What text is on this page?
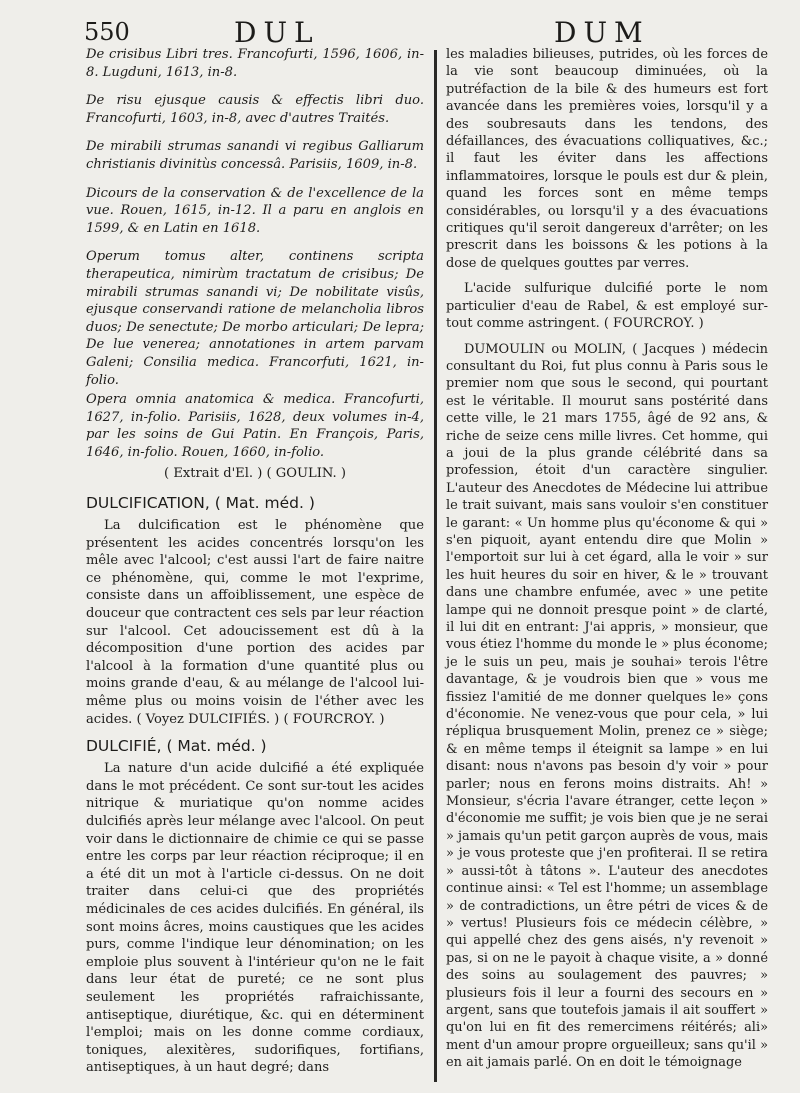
550	DUL	DUM

De crisibus Libri tres. Francofurti, 1596, 1606, in-8. Lugduni, 1613, in-8.

De risu ejusque causis & effectis libri duo. Francofurti, 1603, in-8, avec d'autres Traités.

De mirabili strumas sanandi vi regibus Galliarum christianis divinitùs concessâ. Parisiis, 1609, in-8.

Dicours de la conservation & de l'excellence de la vue. Rouen, 1615, in-12. Il a paru en anglois en 1599, & en Latin en 1618.

Operum tomus alter, continens scripta therapeutica, nimirùm tractatum de crisibus; De mirabili strumas sanandi vi; De nobilitate visûs, ejusque conservandi ratione de melancholia libros duos; De senectute; De morbo articulari; De lepra; De lue venerea; annotationes in artem parvam Galeni; Consilia medica. Francorfuti, 1621, in-folio.

Opera omnia anatomica & medica. Francofurti, 1627, in-folio. Parisiis, 1628, deux volumes in-4, par les soins de Gui Patin. En François, Paris, 1646, in-folio. Rouen, 1660, in-folio.

( Extrait d'El. ) ( GOULIN. )

DULCIFICATION, ( Mat. méd. )

La dulcification est le phénomène que présentent les acides concentrés lorsqu'on les mêle avec l'alcool; c'est aussi l'art de faire naitre ce phénomène, qui, comme le mot l'exprime, consiste dans un affoiblissement, une espèce de douceur que contractent ces sels par leur réaction sur l'alcool. Cet adoucissement est dû à la décomposition d'une portion des acides par l'alcool à la formation d'une quantité plus ou moins grande d'eau, & au mélange de l'alcool lui-même plus ou moins voisin de l'éther avec les acides. ( Voyez DULCIFIÉS. ) ( FOURCROY. )

DULCIFIÉ, ( Mat. méd. )

La nature d'un acide dulcifié a été expliquée dans le mot précédent. Ce sont sur-tout les acides nitrique & muriatique qu'on nomme acides dulcifiés après leur mélange avec l'alcool. On peut voir dans le dictionnaire de chimie ce qui se passe entre les corps par leur réaction réciproque; il en a été dit un mot à l'article ci-dessus. On ne doit traiter dans celui-ci que des propriétés médicinales de ces acides dulcifiés. En général, ils sont moins âcres, moins caustiques que les acides purs, comme l'indique leur dénomination; on les emploie plus souvent à l'intérieur qu'on ne le fait dans leur état de pureté; ce ne sont plus seulement les propriétés rafraichissante, antiseptique, diurétique, &c. qui en déterminent l'emploi; mais on les donne comme cordiaux, toniques, alexitères, sudorifiques, fortifians, antiseptiques, à un haut degré; dans

les maladies bilieuses, putrides, où les forces de la vie sont beaucoup diminuées, où la putréfaction de la bile & des humeurs est fort avancée dans les premières voies, lorsqu'il y a des soubresauts dans les tendons, des défaillances, des évacuations colliquatives, &c.; il faut les éviter dans les affections inflammatoires, lorsque le pouls est dur & plein, quand les forces sont en même temps considérables, ou lorsqu'il y a des évacuations critiques qu'il seroit dangereux d'arrêter; on les prescrit dans les boissons & les potions à la dose de quelques gouttes par verres.

L'acide sulfurique dulcifié porte le nom particulier d'eau de Rabel, & est employé sur-tout comme astringent. ( FOURCROY. )

DUMOULIN ou MOLIN, ( Jacques ) médecin consultant du Roi, fut plus connu à Paris sous le premier nom que sous le second, qui pourtant est le véritable. Il mourut sans postérité dans cette ville, le 21 mars 1755, âgé de 92 ans, & riche de seize cens mille livres. Cet homme, qui a joui de la plus grande célébrité dans sa profession, étoit d'un caractère singulier. L'auteur des Anecdotes de Médecine lui attribue le trait suivant, mais sans vouloir s'en constituer le garant: « Un homme plus qu'économe & qui » s'en piquoit, ayant entendu dire que Molin » l'emportoit sur lui à cet égard, alla le voir » sur les huit heures du soir en hiver, & le » trouvant dans une chambre enfumée, avec » une petite lampe qui ne donnoit presque point » de clarté, il lui dit en entrant: J'ai appris, » monsieur, que vous étiez l'homme du monde le » plus économe; je le suis un peu, mais je souhai» terois l'être davantage, & je voudrois bien que » vous me fissiez l'amitié de me donner quelques le» çons d'économie. Ne venez-vous que pour cela, » lui répliqua brusquement Molin, prenez ce » siège; & en même temps il éteignit sa lampe » en lui disant: nous n'avons pas besoin d'y voir » pour parler; nous en ferons moins distraits. Ah! » Monsieur, s'écria l'avare étranger, cette leçon » d'économie me suffit; je vois bien que je ne serai » jamais qu'un petit garçon auprès de vous, mais » je vous proteste que j'en profiterai. Il se retira » aussi-tôt à tâtons ». L'auteur des anecdotes continue ainsi: « Tel est l'homme; un assemblage » de contradictions, un être pétri de vices & de » vertus! Plusieurs fois ce médecin célèbre, » qui appellé chez des gens aisés, n'y revenoit » pas, si on ne le payoit à chaque visite, a » donné des soins au soulagement des pauvres; » plusieurs fois il leur a fourni des secours en » argent, sans que toutefois jamais il ait souffert » qu'on lui en fit des remercimens réitérés; ali» ment d'un amour propre orgueilleux; sans qu'il » en ait jamais parlé. On en doit le témoignage
